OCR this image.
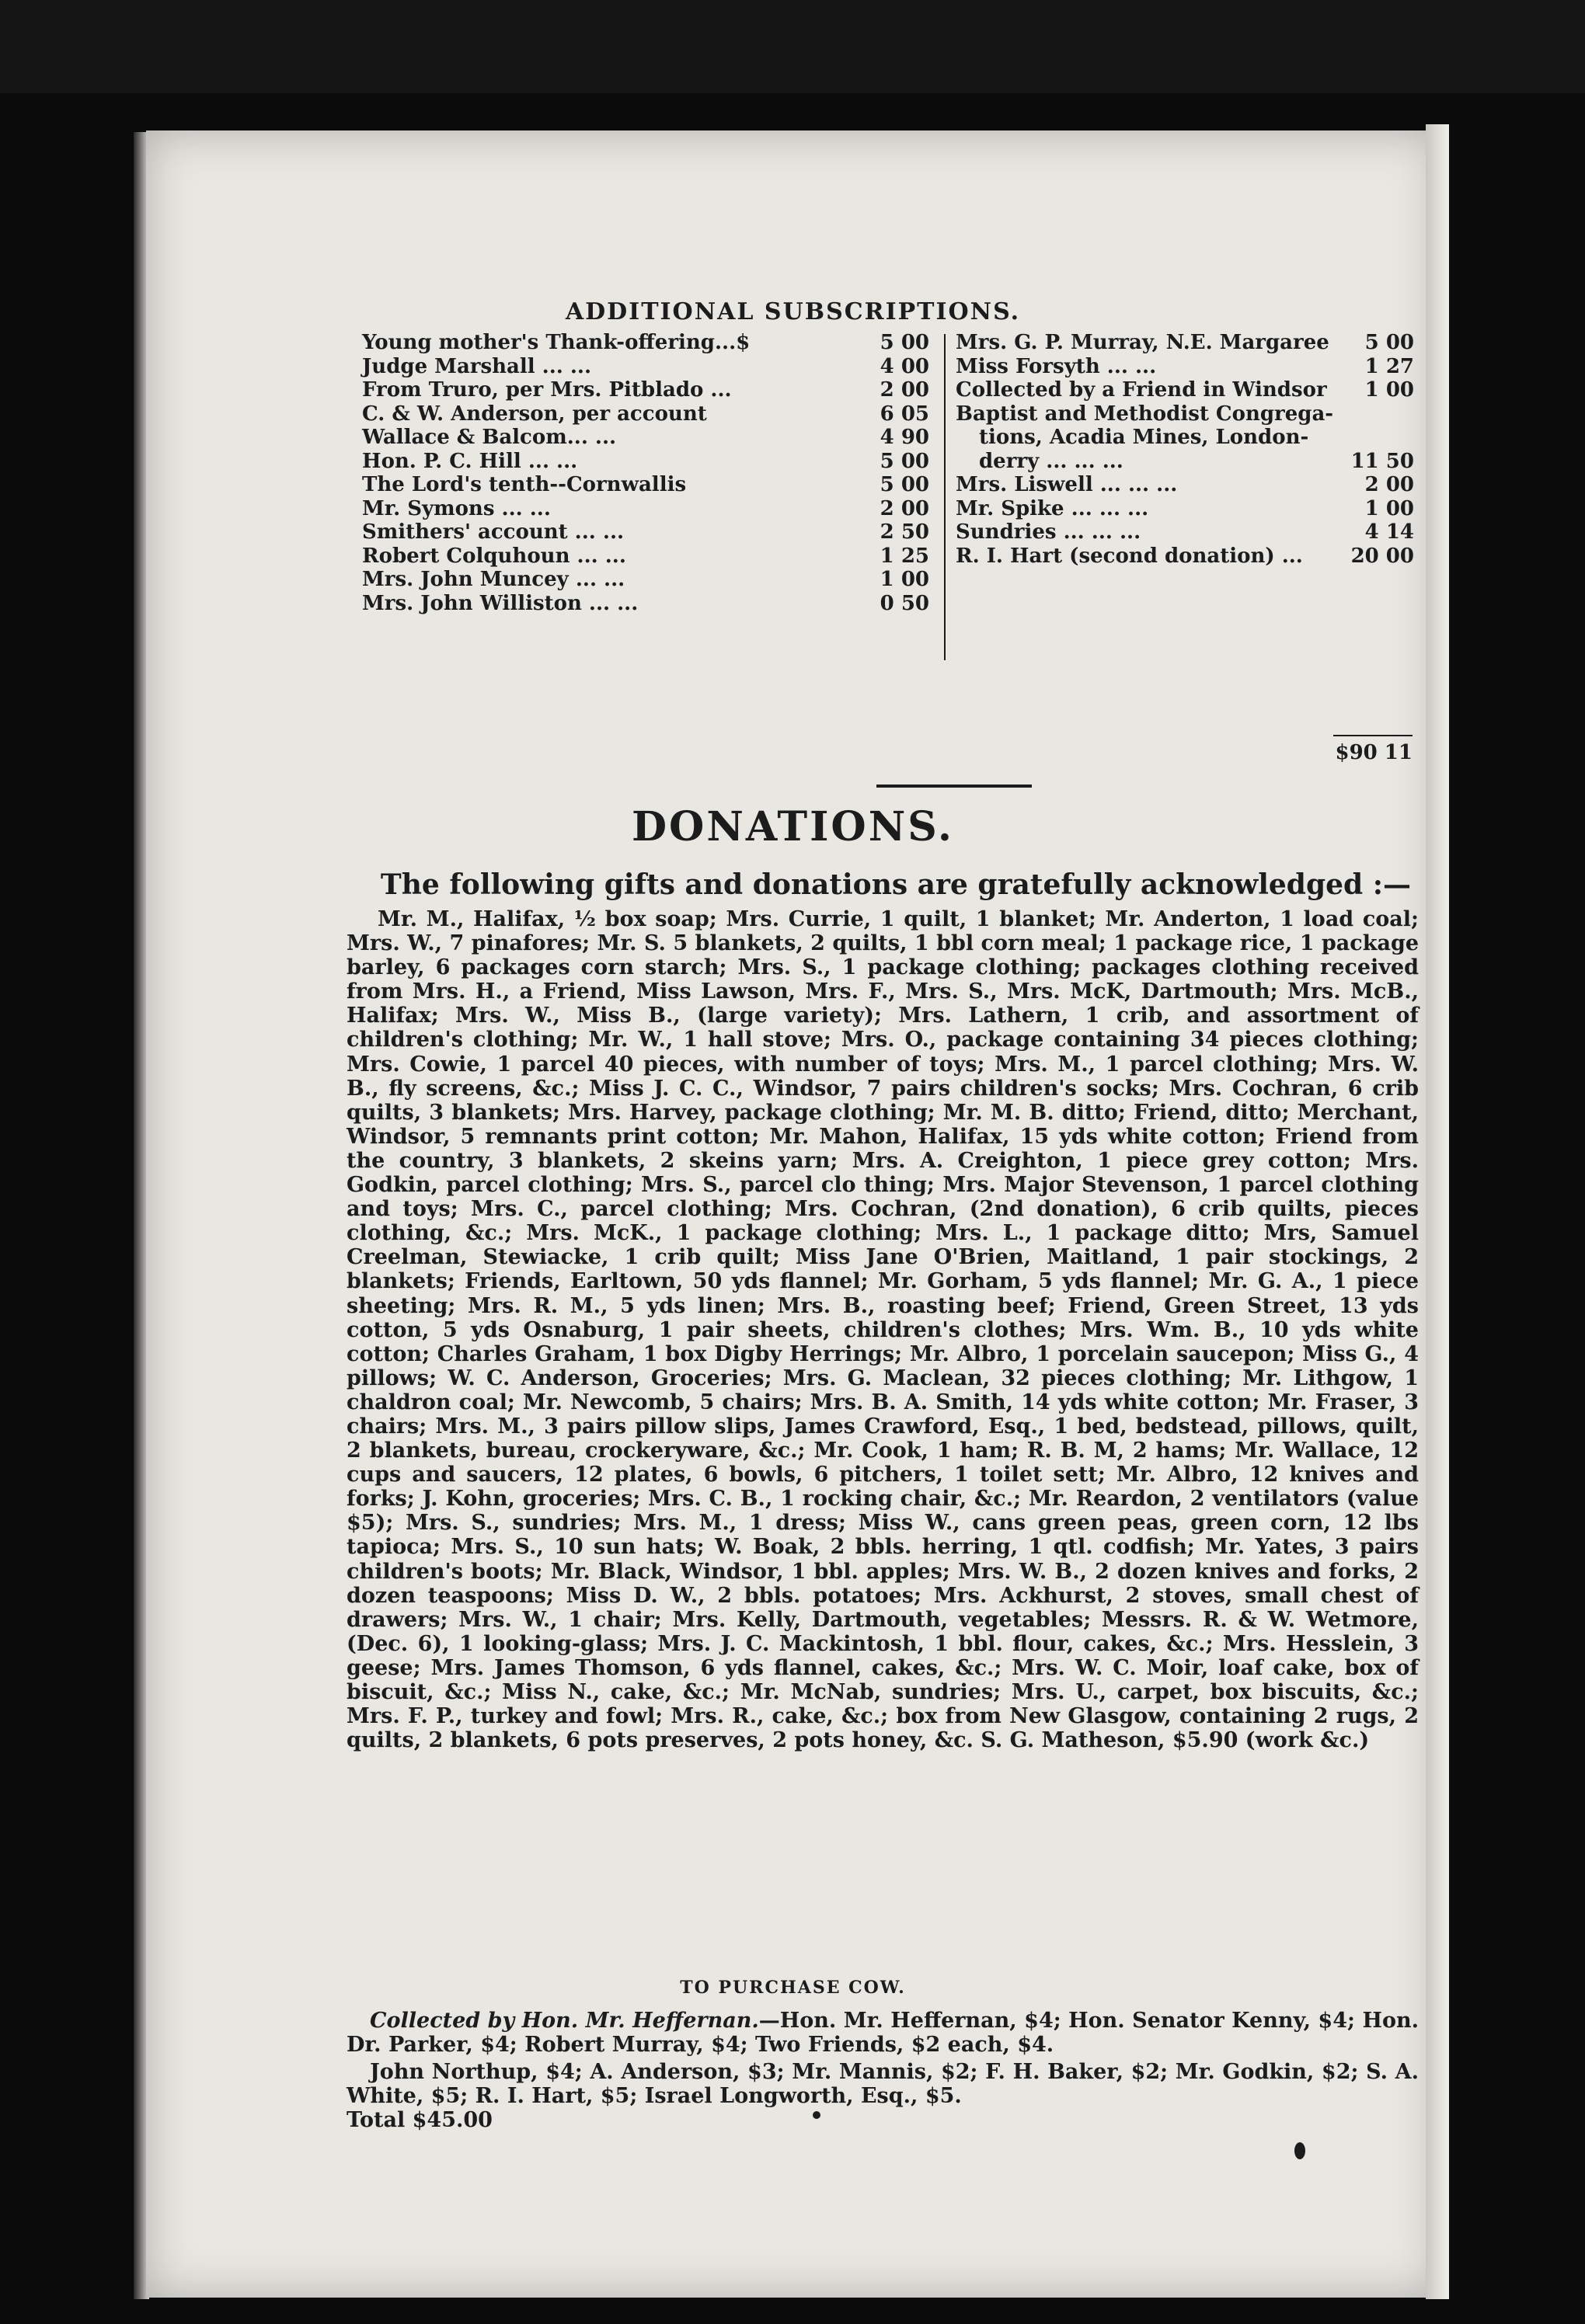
ADDITIONAL SUBSCRIPTIONS.
Young mother's Thank-offering...$	5 00
Judge Marshall ... ...	4 00
From Truro, per Mrs. Pitblado ...	2 00
C. & W. Anderson, per account	6 05
Wallace & Balcom... ...	4 90
Hon. P. C. Hill ... ...	5 00
The Lord's tenth--Cornwallis	5 00
Mr. Symons ... ...	2 00
Smithers' account ... ...	2 50
Robert Colquhoun ... ...	1 25
Mrs. John Muncey ... ...	1 00
Mrs. John Williston ... ...	0 50
Mrs. G. P. Murray, N.E. Margaree	5 00
Miss Forsyth ... ...	1 27
Collected by a Friend in Windsor	1 00
Baptist and Methodist Congrega-
tions, Acadia Mines, London-
derry ... ... ...	11 50
Mrs. Liswell ... ... ...	2 00
Mr. Spike ... ... ...	1 00
Sundries ... ... ...	4 14
R. I. Hart (second donation) ...	20 00
$90 11
DONATIONS.
The following gifts and donations are gratefully acknowledged :—
Mr. M., Halifax, ½ box soap; Mrs. Currie, 1 quilt, 1 blanket; Mr. Anderton, 1 load coal; Mrs. W., 7 pinafores; Mr. S. 5 blankets, 2 quilts, 1 bbl corn meal; 1 package rice, 1 package barley, 6 packages corn starch; Mrs. S., 1 package clothing; packages clothing received from Mrs. H., a Friend, Miss Lawson, Mrs. F., Mrs. S., Mrs. McK, Dartmouth; Mrs. McB., Halifax; Mrs. W., Miss B., (large variety); Mrs. Lathern, 1 crib, and assortment of children's clothing; Mr. W., 1 hall stove; Mrs. O., package containing 34 pieces clothing; Mrs. Cowie, 1 parcel 40 pieces, with number of toys; Mrs. M., 1 parcel clothing; Mrs. W. B., fly screens, &c.; Miss J. C. C., Windsor, 7 pairs children's socks; Mrs. Cochran, 6 crib quilts, 3 blankets; Mrs. Harvey, package clothing; Mr. M. B. ditto; Friend, ditto; Merchant, Windsor, 5 remnants print cotton; Mr. Mahon, Halifax, 15 yds white cotton; Friend from the country, 3 blankets, 2 skeins yarn; Mrs. A. Creighton, 1 piece grey cotton; Mrs. Godkin, parcel clothing; Mrs. S., parcel clo thing; Mrs. Major Stevenson, 1 parcel clothing and toys; Mrs. C., parcel clothing; Mrs. Cochran, (2nd donation), 6 crib quilts, pieces clothing, &c.; Mrs. McK., 1 package clothing; Mrs. L., 1 package ditto; Mrs, Samuel Creelman, Stewiacke, 1 crib quilt; Miss Jane O'Brien, Maitland, 1 pair stockings, 2 blankets; Friends, Earltown, 50 yds flannel; Mr. Gorham, 5 yds flannel; Mr. G. A., 1 piece sheeting; Mrs. R. M., 5 yds linen; Mrs. B., roasting beef; Friend, Green Street, 13 yds cotton, 5 yds Osnaburg, 1 pair sheets, children's clothes; Mrs. Wm. B., 10 yds white cotton; Charles Graham, 1 box Digby Herrings; Mr. Albro, 1 porcelain saucepon; Miss G., 4 pillows; W. C. Anderson, Groceries; Mrs. G. Maclean, 32 pieces clothing; Mr. Lithgow, 1 chaldron coal; Mr. Newcomb, 5 chairs; Mrs. B. A. Smith, 14 yds white cotton; Mr. Fraser, 3 chairs; Mrs. M., 3 pairs pillow slips, James Crawford, Esq., 1 bed, bedstead, pillows, quilt, 2 blankets, bureau, crockeryware, &c.; Mr. Cook, 1 ham; R. B. M, 2 hams; Mr. Wallace, 12 cups and saucers, 12 plates, 6 bowls, 6 pitchers, 1 toilet sett; Mr. Albro, 12 knives and forks; J. Kohn, groceries; Mrs. C. B., 1 rocking chair, &c.; Mr. Reardon, 2 ventilators (value $5); Mrs. S., sundries; Mrs. M., 1 dress; Miss W., cans green peas, green corn, 12 lbs tapioca; Mrs. S., 10 sun hats; W. Boak, 2 bbls. herring, 1 qtl. codfish; Mr. Yates, 3 pairs children's boots; Mr. Black, Windsor, 1 bbl. apples; Mrs. W. B., 2 dozen knives and forks, 2 dozen teaspoons; Miss D. W., 2 bbls. potatoes; Mrs. Ackhurst, 2 stoves, small chest of drawers; Mrs. W., 1 chair; Mrs. Kelly, Dartmouth, vegetables; Messrs. R. & W. Wetmore, (Dec. 6), 1 looking-glass; Mrs. J. C. Mackintosh, 1 bbl. flour, cakes, &c.; Mrs. Hesslein, 3 geese; Mrs. James Thomson, 6 yds flannel, cakes, &c.; Mrs. W. C. Moir, loaf cake, box of biscuit, &c.; Miss N., cake, &c.; Mr. McNab, sundries; Mrs. U., carpet, box biscuits, &c.; Mrs. F. P., turkey and fowl; Mrs. R., cake, &c.; box from New Glasgow, containing 2 rugs, 2 quilts, 2 blankets, 6 pots preserves, 2 pots honey, &c. S. G. Matheson, $5.90 (work &c.)
TO PURCHASE COW.

Collected by Hon. Mr. Heffernan.—Hon. Mr. Heffernan, $4; Hon. Senator Kenny, $4; Hon. Dr. Parker, $4; Robert Murray, $4; Two Friends, $2 each, $4.

John Northup, $4; A. Anderson, $3; Mr. Mannis, $2; F. H. Baker, $2; Mr. Godkin, $2; S. A. White, $5; R. I. Hart, $5; Israel Longworth, Esq., $5.
Total $45.00
